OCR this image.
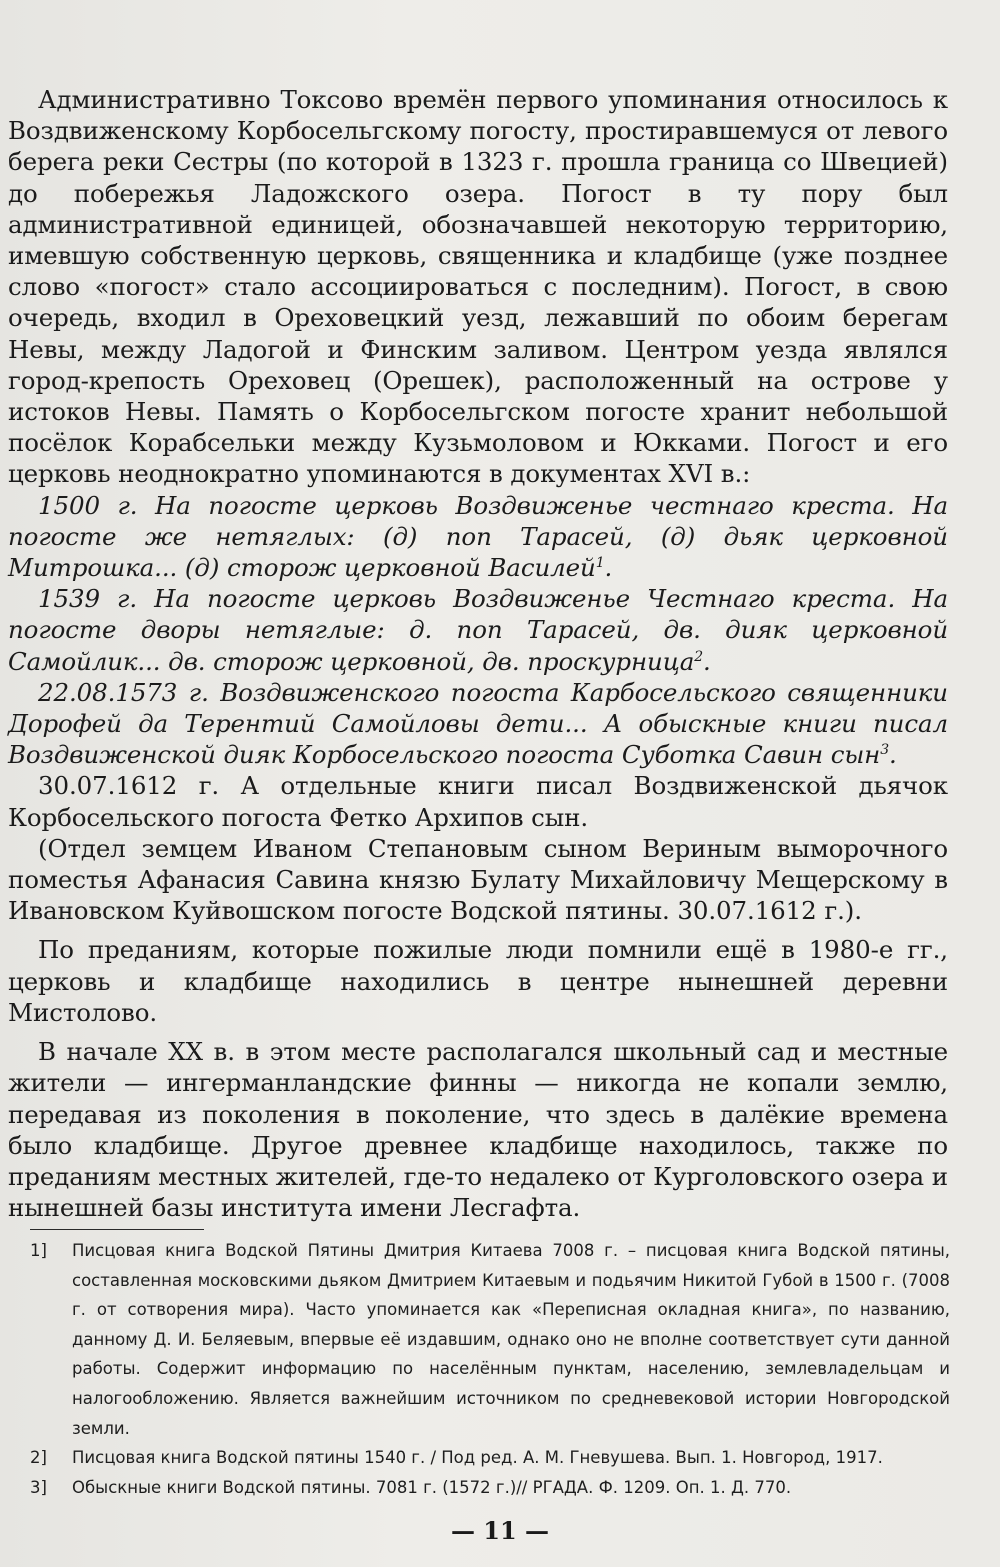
Административно Токсово времён первого упоминания относилось к Воздвиженскому Корбосельгскому погосту, простиравшемуся от левого берега реки Сестры (по которой в 1323 г. прошла граница со Швецией) до побережья Ладожского озера. Погост в ту пору был административной единицей, обозначавшей некоторую территорию, имевшую собственную церковь, священника и кладбище (уже позднее слово «погост» стало ассоциироваться с последним). Погост, в свою очередь, входил в Ореховецкий уезд, лежавший по обоим берегам Невы, между Ладогой и Финским заливом. Центром уезда являлся город-крепость Ореховец (Орешек), расположенный на острове у истоков Невы. Память о Корбосельгском погосте хранит небольшой посёлок Корабсельки между Кузьмоловом и Юкками. Погост и его церковь неоднократно упоминаются в документах XVI в.:

1500 г. На погосте церковь Воздвиженье честнаго креста. На погосте же нетяглых: (д) поп Тарасей, (д) дьяк церковной Митрошка... (д) сторож церковной Василей$^1$.

1539 г. На погосте церковь Воздвиженье Честнаго креста. На погосте дворы нетяглые: д. поп Тарасей, дв. дияк церковной Самойлик... дв. сторож церковной, дв. проскурница$^2$.

22.08.1573 г. Воздвиженского погоста Карбосельского священники Дорофей да Терентий Самойловы дети... А обыскные книги писал Воздвиженской дияк Корбосельского погоста Суботка Савин сын$^3$.

30.07.1612 г. А отдельные книги писал Воздвиженской дьячок Корбосельского погоста Фетко Архипов сын.

(Отдел земцем Иваном Степановым сыном Вериным выморочного поместья Афанасия Савина князю Булату Михайловичу Мещерскому в Ивановском Куйвошском погосте Водской пятины. 30.07.1612 г.).

По преданиям, которые пожилые люди помнили ещё в 1980-е гг., церковь и кладбище находились в центре нынешней деревни Мистолово.

В начале XX в. в этом месте располагался школьный сад и местные жители — ингерманландские финны — никогда не копали землю, передавая из поколения в поколение, что здесь в далёкие времена было кладбище. Другое древнее кладбище находилось, также по преданиям местных жителей, где-то недалеко от Курголовского озера и нынешней базы института имени Лесгафта.

1]	Писцовая книга Водской Пятины Дмитрия Китаева 7008 г. – писцовая книга Водской пятины, составленная московскими дьяком Дмитрием Китаевым и подьячим Никитой Губой в 1500 г. (7008 г. от сотворения мира). Часто упоминается как «Переписная окладная книга», по названию, данному Д. И. Беляевым, впервые её издавшим, однако оно не вполне соответствует сути данной работы. Содержит информацию по населённым пунктам, населению, землевладельцам и налогообложению. Является важнейшим источником по средневековой истории Новгородской земли.
2]	Писцовая книга Водской пятины 1540 г. / Под ред. А. М. Гневушева. Вып. 1. Новгород, 1917.
3]	Обыскные книги Водской пятины. 7081 г. (1572 г.)// РГАДА. Ф. 1209. Оп. 1. Д. 770.
— 11 —
